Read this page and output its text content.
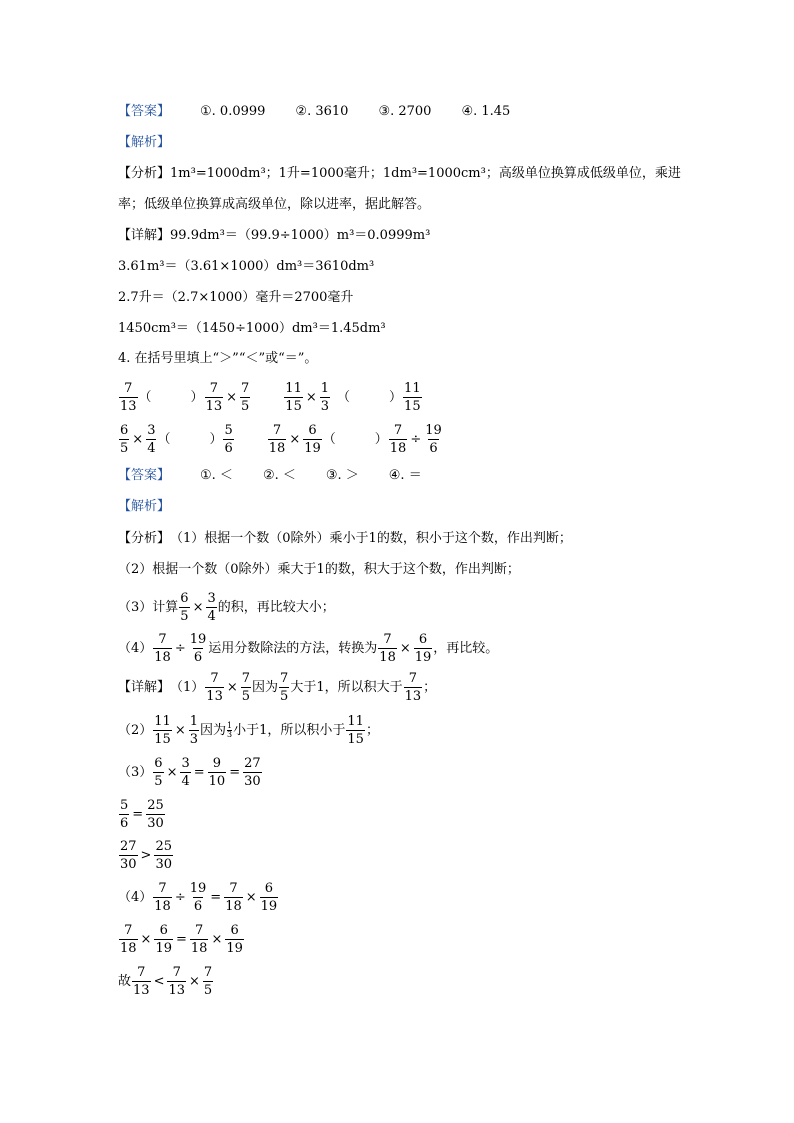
【答案】 ①. 0.0999 ②. 3610 ③. 2700 ④. 1.45
【解析】
【分析】 1m³=1000dm³；1升=1000毫升；1dm³=1000cm³；高级单位换算成低级单位，乘进
率；低级单位换算成高级单位，除以进率，据此解答。
【详解】 99.9dm³＝（99.9÷1000）m³＝0.0999m³
3.61m³＝（3.61×1000）dm³＝3610dm³
2.7升＝（2.7×1000）毫升＝2700毫升
1450cm³＝（1450÷1000）dm³＝1.45dm³
4. 在括号里填上“＞”“＜”或“＝”。
$\frac{7}{13}$ （　　　） $\frac{7}{13} \times \frac{7}{5}$	$\frac{11}{15} \times \frac{1}{3}$ （　　　） $\frac{11}{15}$
$\frac{6}{5} \times \frac{3}{4}$ （　　　） $\frac{5}{6}$	$\frac{7}{18} \times \frac{6}{19}$ （　　　） $\frac{7}{18} \div \frac{19}{6}$
【答案】 ①. ＜ ②. ＜ ③. ＞ ④. ＝
【解析】
【分析】 （1）根据一个数（0除外）乘小于1的数，积小于这个数，作出判断；
（2）根据一个数（0除外）乘大于1的数，积大于这个数，作出判断；
（3）计算 $\frac{6}{5} \times \frac{3}{4}$ 的积，再比较大小；
$(4) \frac{7}{18} \div \frac{19}{6}$ 运用分数除法的方法，转换为 $\frac{7}{18} \times \frac{6}{19}$ ，再比较。
【详解】 $(1) \frac{7}{13} \times \frac{7}{5}$ 因为 $\frac{7}{5}$ 大于1，所以积大于 $\frac{7}{13}$ ；
$(2) \frac{11}{15} \times \frac{1}{3}$ 因为 1
3 小于1，所以积小于 $\frac{11}{15}$ ；
$(3) \frac{6}{5} \times \frac{3}{4} = \frac{9}{10} = \frac{27}{30}$
$\frac{5}{6} = \frac{25}{30}$
$\frac{27}{30} > \frac{25}{30}$
$(4) \frac{7}{18} \div \frac{19}{6} = \frac{7}{18} \times \frac{6}{19}$
$\frac{7}{18} \times \frac{6}{19} = \frac{7}{18} \times \frac{6}{19}$
故 $\frac{7}{13} < \frac{7}{13} \times \frac{7}{5}$
